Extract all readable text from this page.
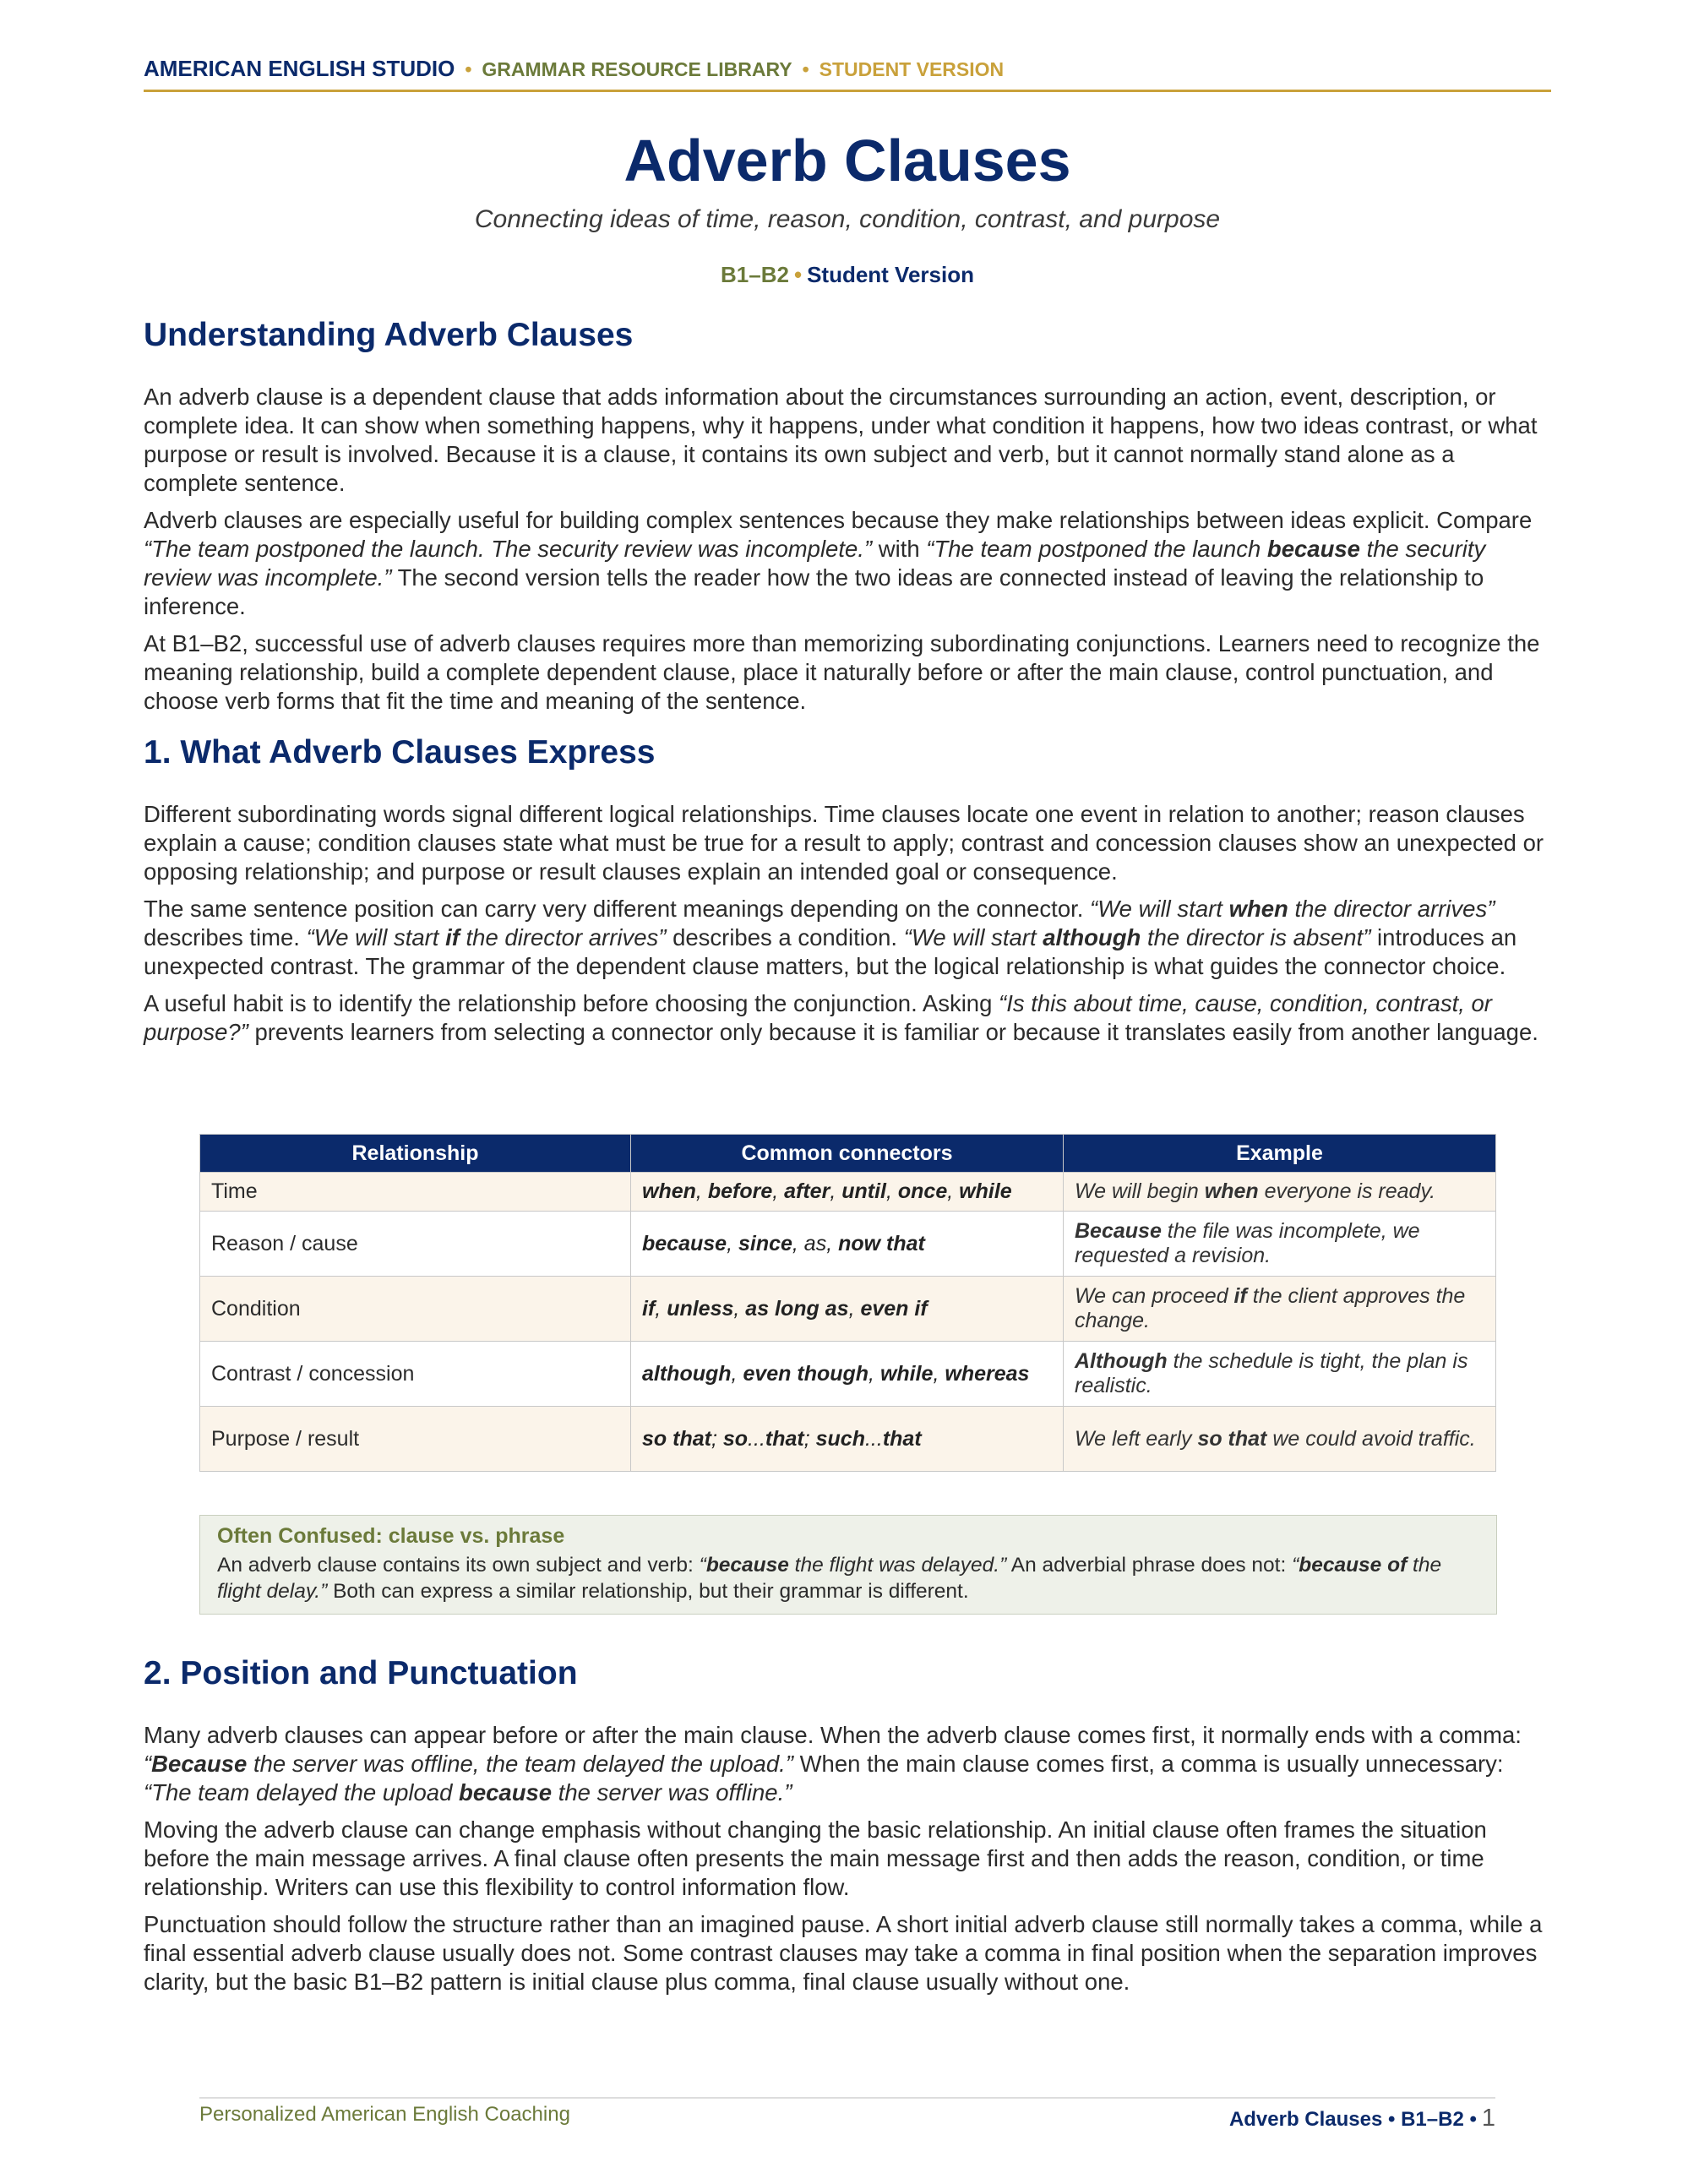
AMERICAN ENGLISH STUDIO • GRAMMAR RESOURCE LIBRARY • STUDENT VERSION
Adverb Clauses
Connecting ideas of time, reason, condition, contrast, and purpose
B1–B2 • Student Version
Understanding Adverb Clauses

An adverb clause is a dependent clause that adds information about the circumstances surrounding an action, event, description, or complete idea. It can show when something happens, why it happens, under what condition it happens, how two ideas contrast, or what purpose or result is involved. Because it is a clause, it contains its own subject and verb, but it cannot normally stand alone as a complete sentence.

Adverb clauses are especially useful for building complex sentences because they make relationships between ideas explicit. Compare “The team postponed the launch. The security review was incomplete.” with “The team postponed the launch because the security review was incomplete.” The second version tells the reader how the two ideas are connected instead of leaving the relationship to inference.

At B1–B2, successful use of adverb clauses requires more than memorizing subordinating conjunctions. Learners need to recognize the meaning relationship, build a complete dependent clause, place it naturally before or after the main clause, control punctuation, and choose verb forms that fit the time and meaning of the sentence.

1. What Adverb Clauses Express

Different subordinating words signal different logical relationships. Time clauses locate one event in relation to another; reason clauses explain a cause; condition clauses state what must be true for a result to apply; contrast and concession clauses show an unexpected or opposing relationship; and purpose or result clauses explain an intended goal or consequence.

The same sentence position can carry very different meanings depending on the connector. “We will start when the director arrives” describes time. “We will start if the director arrives” describes a condition. “We will start although the director is absent” introduces an unexpected contrast. The grammar of the dependent clause matters, but the logical relationship is what guides the connector choice.

A useful habit is to identify the relationship before choosing the conjunction. Asking “Is this about time, cause, condition, contrast, or purpose?” prevents learners from selecting a connector only because it is familiar or because it translates easily from another language.

Relationship	Common connectors	Example
Time	when, before, after, until, once, while	We will begin when everyone is ready.
Reason / cause	because, since, as, now that	Because the file was incomplete, we requested a revision.
Condition	if, unless, as long as, even if	We can proceed if the client approves the change.
Contrast / concession	although, even though, while, whereas	Although the schedule is tight, the plan is realistic.
Purpose / result	so that; so...that; such...that	We left early so that we could avoid traffic.
Often Confused: clause vs. phrase
An adverb clause contains its own subject and verb: “because the flight was delayed.” An adverbial phrase does not: “because of the flight delay.” Both can express a similar relationship, but their grammar is different.
2. Position and Punctuation

Many adverb clauses can appear before or after the main clause. When the adverb clause comes first, it normally ends with a comma: “Because the server was offline, the team delayed the upload.” When the main clause comes first, a comma is usually unnecessary: “The team delayed the upload because the server was offline.”

Moving the adverb clause can change emphasis without changing the basic relationship. An initial clause often frames the situation before the main message arrives. A final clause often presents the main message first and then adds the reason, condition, or time relationship. Writers can use this flexibility to control information flow.

Punctuation should follow the structure rather than an imagined pause. A short initial adverb clause still normally takes a comma, while a final essential adverb clause usually does not. Some contrast clauses may take a comma in final position when the separation improves clarity, but the basic B1–B2 pattern is initial clause plus comma, final clause usually without one.

Personalized American English Coaching	Adverb Clauses • B1–B2 • 1
